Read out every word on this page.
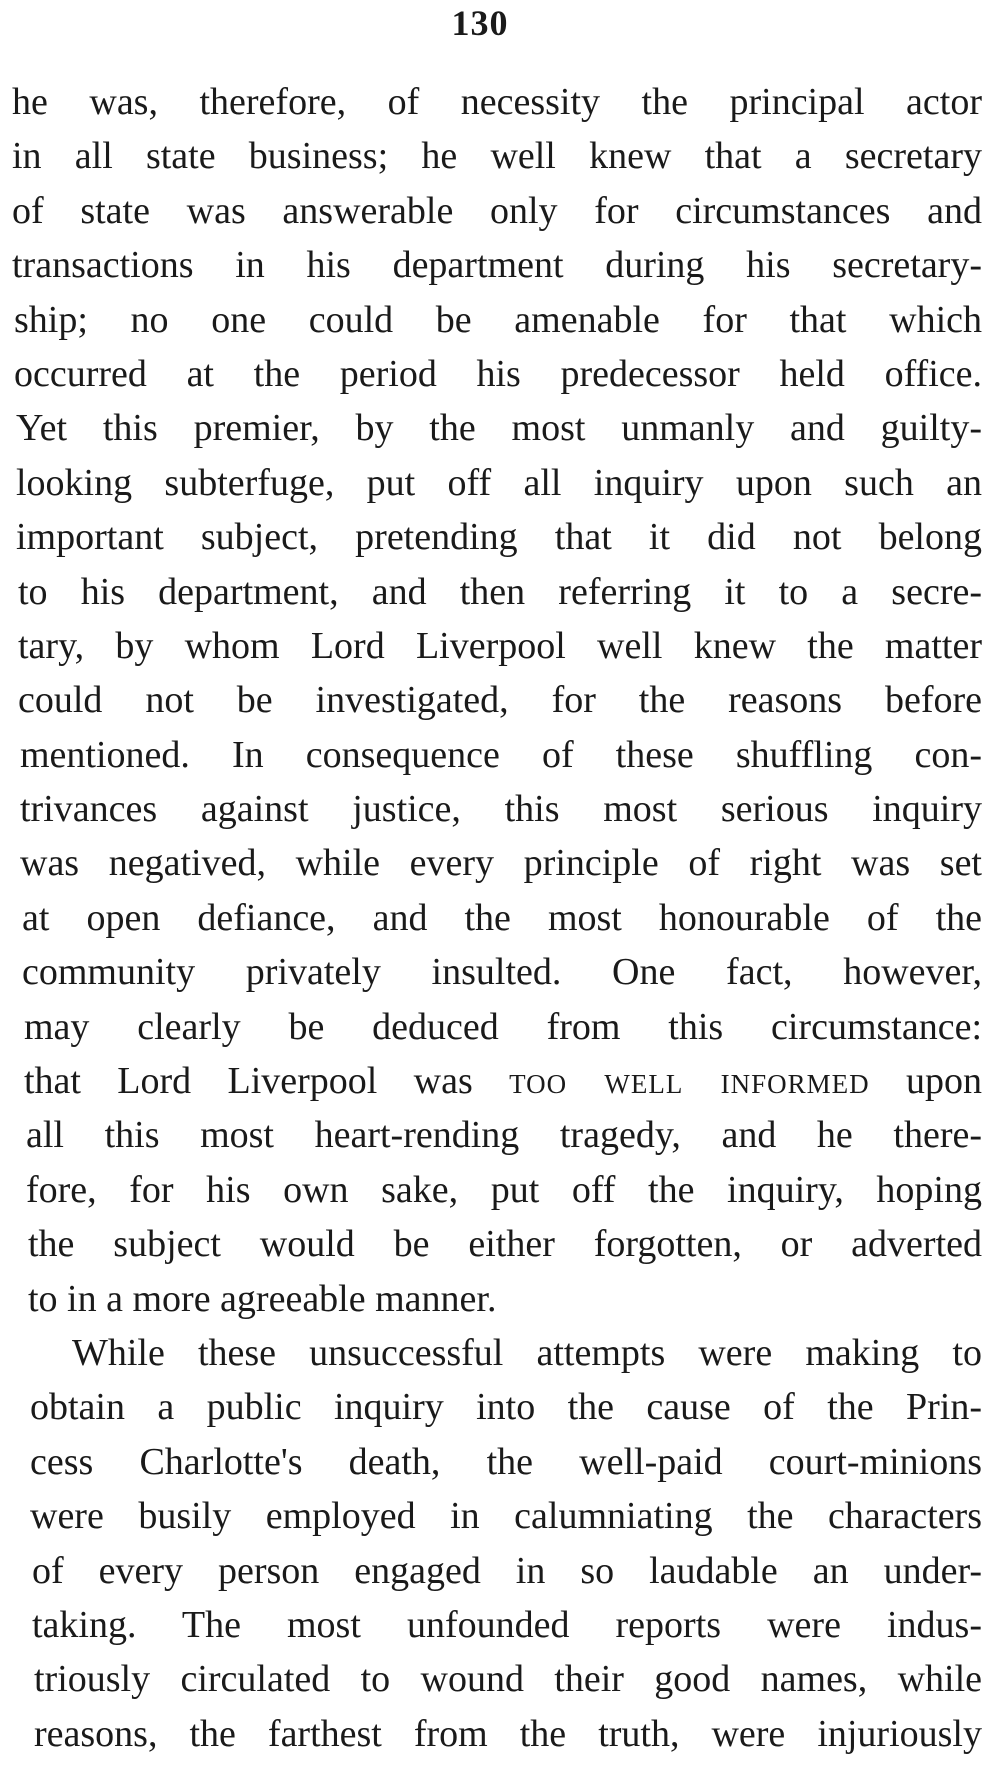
130
he was, therefore, of necessity the principal actor
in all state business; he well knew that a secretary
of state was answerable only for circumstances and
transactions in his department during his secretary-
ship; no one could be amenable for that which
occurred at the period his predecessor held office.
Yet this premier, by the most unmanly and guilty-
looking subterfuge, put off all inquiry upon such an
important subject, pretending that it did not belong
to his department, and then referring it to a secre-
tary, by whom Lord Liverpool well knew the matter
could not be investigated, for the reasons before
mentioned. In consequence of these shuffling con-
trivances against justice, this most serious inquiry
was negatived, while every principle of right was set
at open defiance, and the most honourable of the
community privately insulted. One fact, however,
may clearly be deduced from this circumstance:
that Lord Liverpool was too well informed upon
all this most heart-rending tragedy, and he there-
fore, for his own sake, put off the inquiry, hoping
the subject would be either forgotten, or adverted
to in a more agreeable manner.
While these unsuccessful attempts were making to
obtain a public inquiry into the cause of the Prin-
cess Charlotte's death, the well-paid court-minions
were busily employed in calumniating the characters
of every person engaged in so laudable an under-
taking. The most unfounded reports were indus-
triously circulated to wound their good names, while
reasons, the farthest from the truth, were injuriously
